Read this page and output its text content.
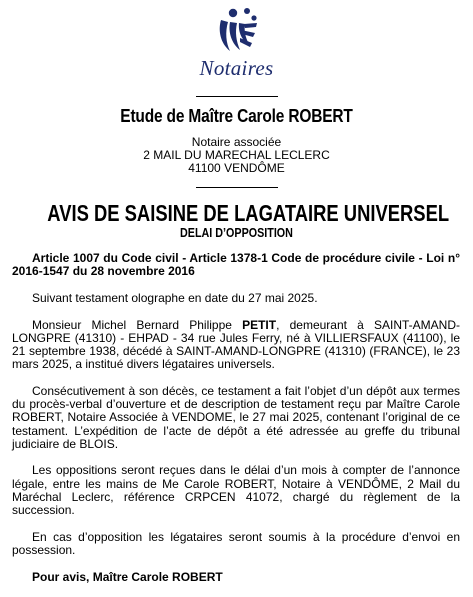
Notaires
Etude de Maître Carole ROBERT
Notaire associée
2 MAIL DU MARECHAL LECLERC
41100 VENDÔME
AVIS DE SAISINE DE LAGATAIRE UNIVERSEL
DELAI D’OPPOSITION

Article 1007 du Code civil - Article 1378-1 Code de procédure civile - Loi n° 2016-1547 du 28 novembre 2016

Suivant testament olographe en date du 27 mai 2025.

Monsieur Michel Bernard Philippe PETIT, demeurant à SAINT-AMAND-LONGPRE (41310) - EHPAD - 34 rue Jules Ferry, né à VILLIERSFAUX (41100), le 21 septembre 1938, décédé à SAINT-AMAND-LONGPRE (41310) (FRANCE), le 23 mars 2025, a institué divers légataires universels.

Consécutivement à son décès, ce testament a fait l’objet d’un dépôt aux termes du procès-verbal d’ouverture et de description de testament reçu par Maître Carole ROBERT, Notaire Associée à VENDOME, le 27 mai 2025, contenant l’original de ce testament. L’expédition de l’acte de dépôt a été adressée au greffe du tribunal judiciaire de BLOIS.

Les oppositions seront reçues dans le délai d’un mois à compter de l’annonce légale, entre les mains de Me Carole ROBERT, Notaire à VENDÔME, 2 Mail du Maréchal Leclerc, référence CRPCEN 41072, chargé du règlement de la succession.

En cas d’opposition les légataires seront soumis à la procédure d’envoi en possession.

Pour avis, Maître Carole ROBERT
